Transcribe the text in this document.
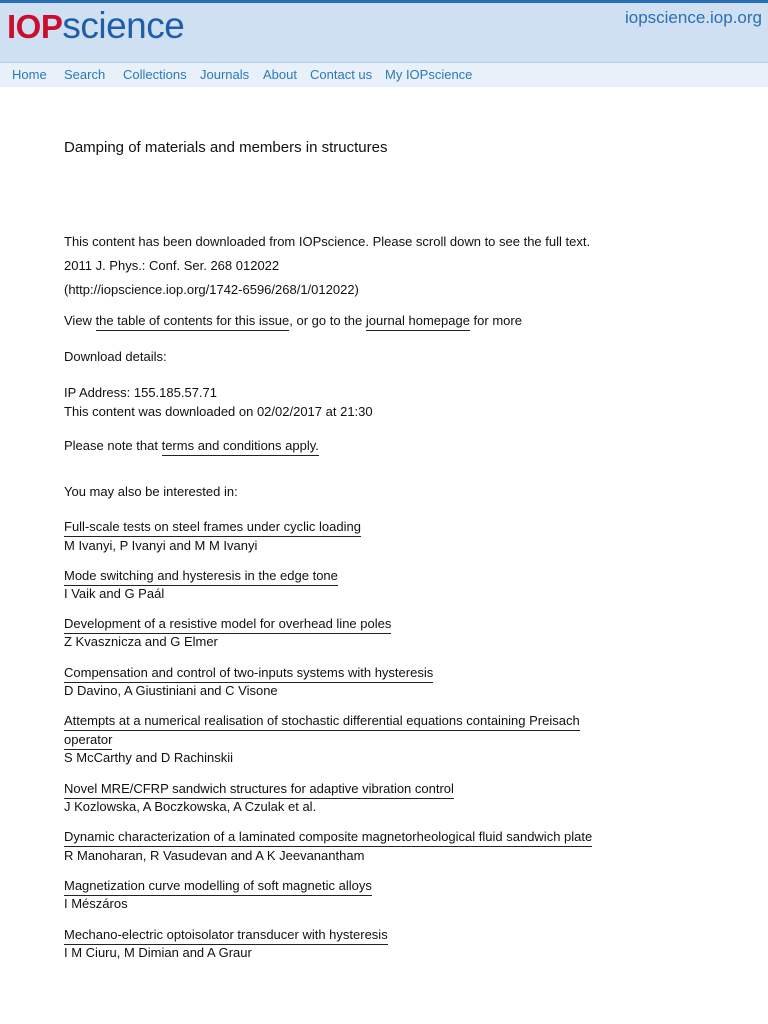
IOPscience	iopscience.iop.org
Home Search Collections Journals About Contact us My IOPscience
Damping of materials and members in structures
This content has been downloaded from IOPscience. Please scroll down to see the full text.
2011 J. Phys.: Conf. Ser. 268 012022
(http://iopscience.iop.org/1742-6596/268/1/012022)
View the table of contents for this issue, or go to the journal homepage for more
Download details:
IP Address: 155.185.57.71
This content was downloaded on 02/02/2017 at 21:30
Please note that terms and conditions apply.
You may also be interested in:
Full-scale tests on steel frames under cyclic loading
M Ivanyi, P Ivanyi and M M Ivanyi
Mode switching and hysteresis in the edge tone
I Vaik and G Paál
Development of a resistive model for overhead line poles
Z Kvasznicza and G Elmer
Compensation and control of two-inputs systems with hysteresis
D Davino, A Giustiniani and C Visone
Attempts at a numerical realisation of stochastic differential equations containing Preisach
operator
S McCarthy and D Rachinskii
Novel MRE/CFRP sandwich structures for adaptive vibration control
J Kozlowska, A Boczkowska, A Czulak et al.
Dynamic characterization of a laminated composite magnetorheological fluid sandwich plate
R Manoharan, R Vasudevan and A K Jeevanantham
Magnetization curve modelling of soft magnetic alloys
I Mészáros
Mechano-electric optoisolator transducer with hysteresis
I M Ciuru, M Dimian and A Graur
